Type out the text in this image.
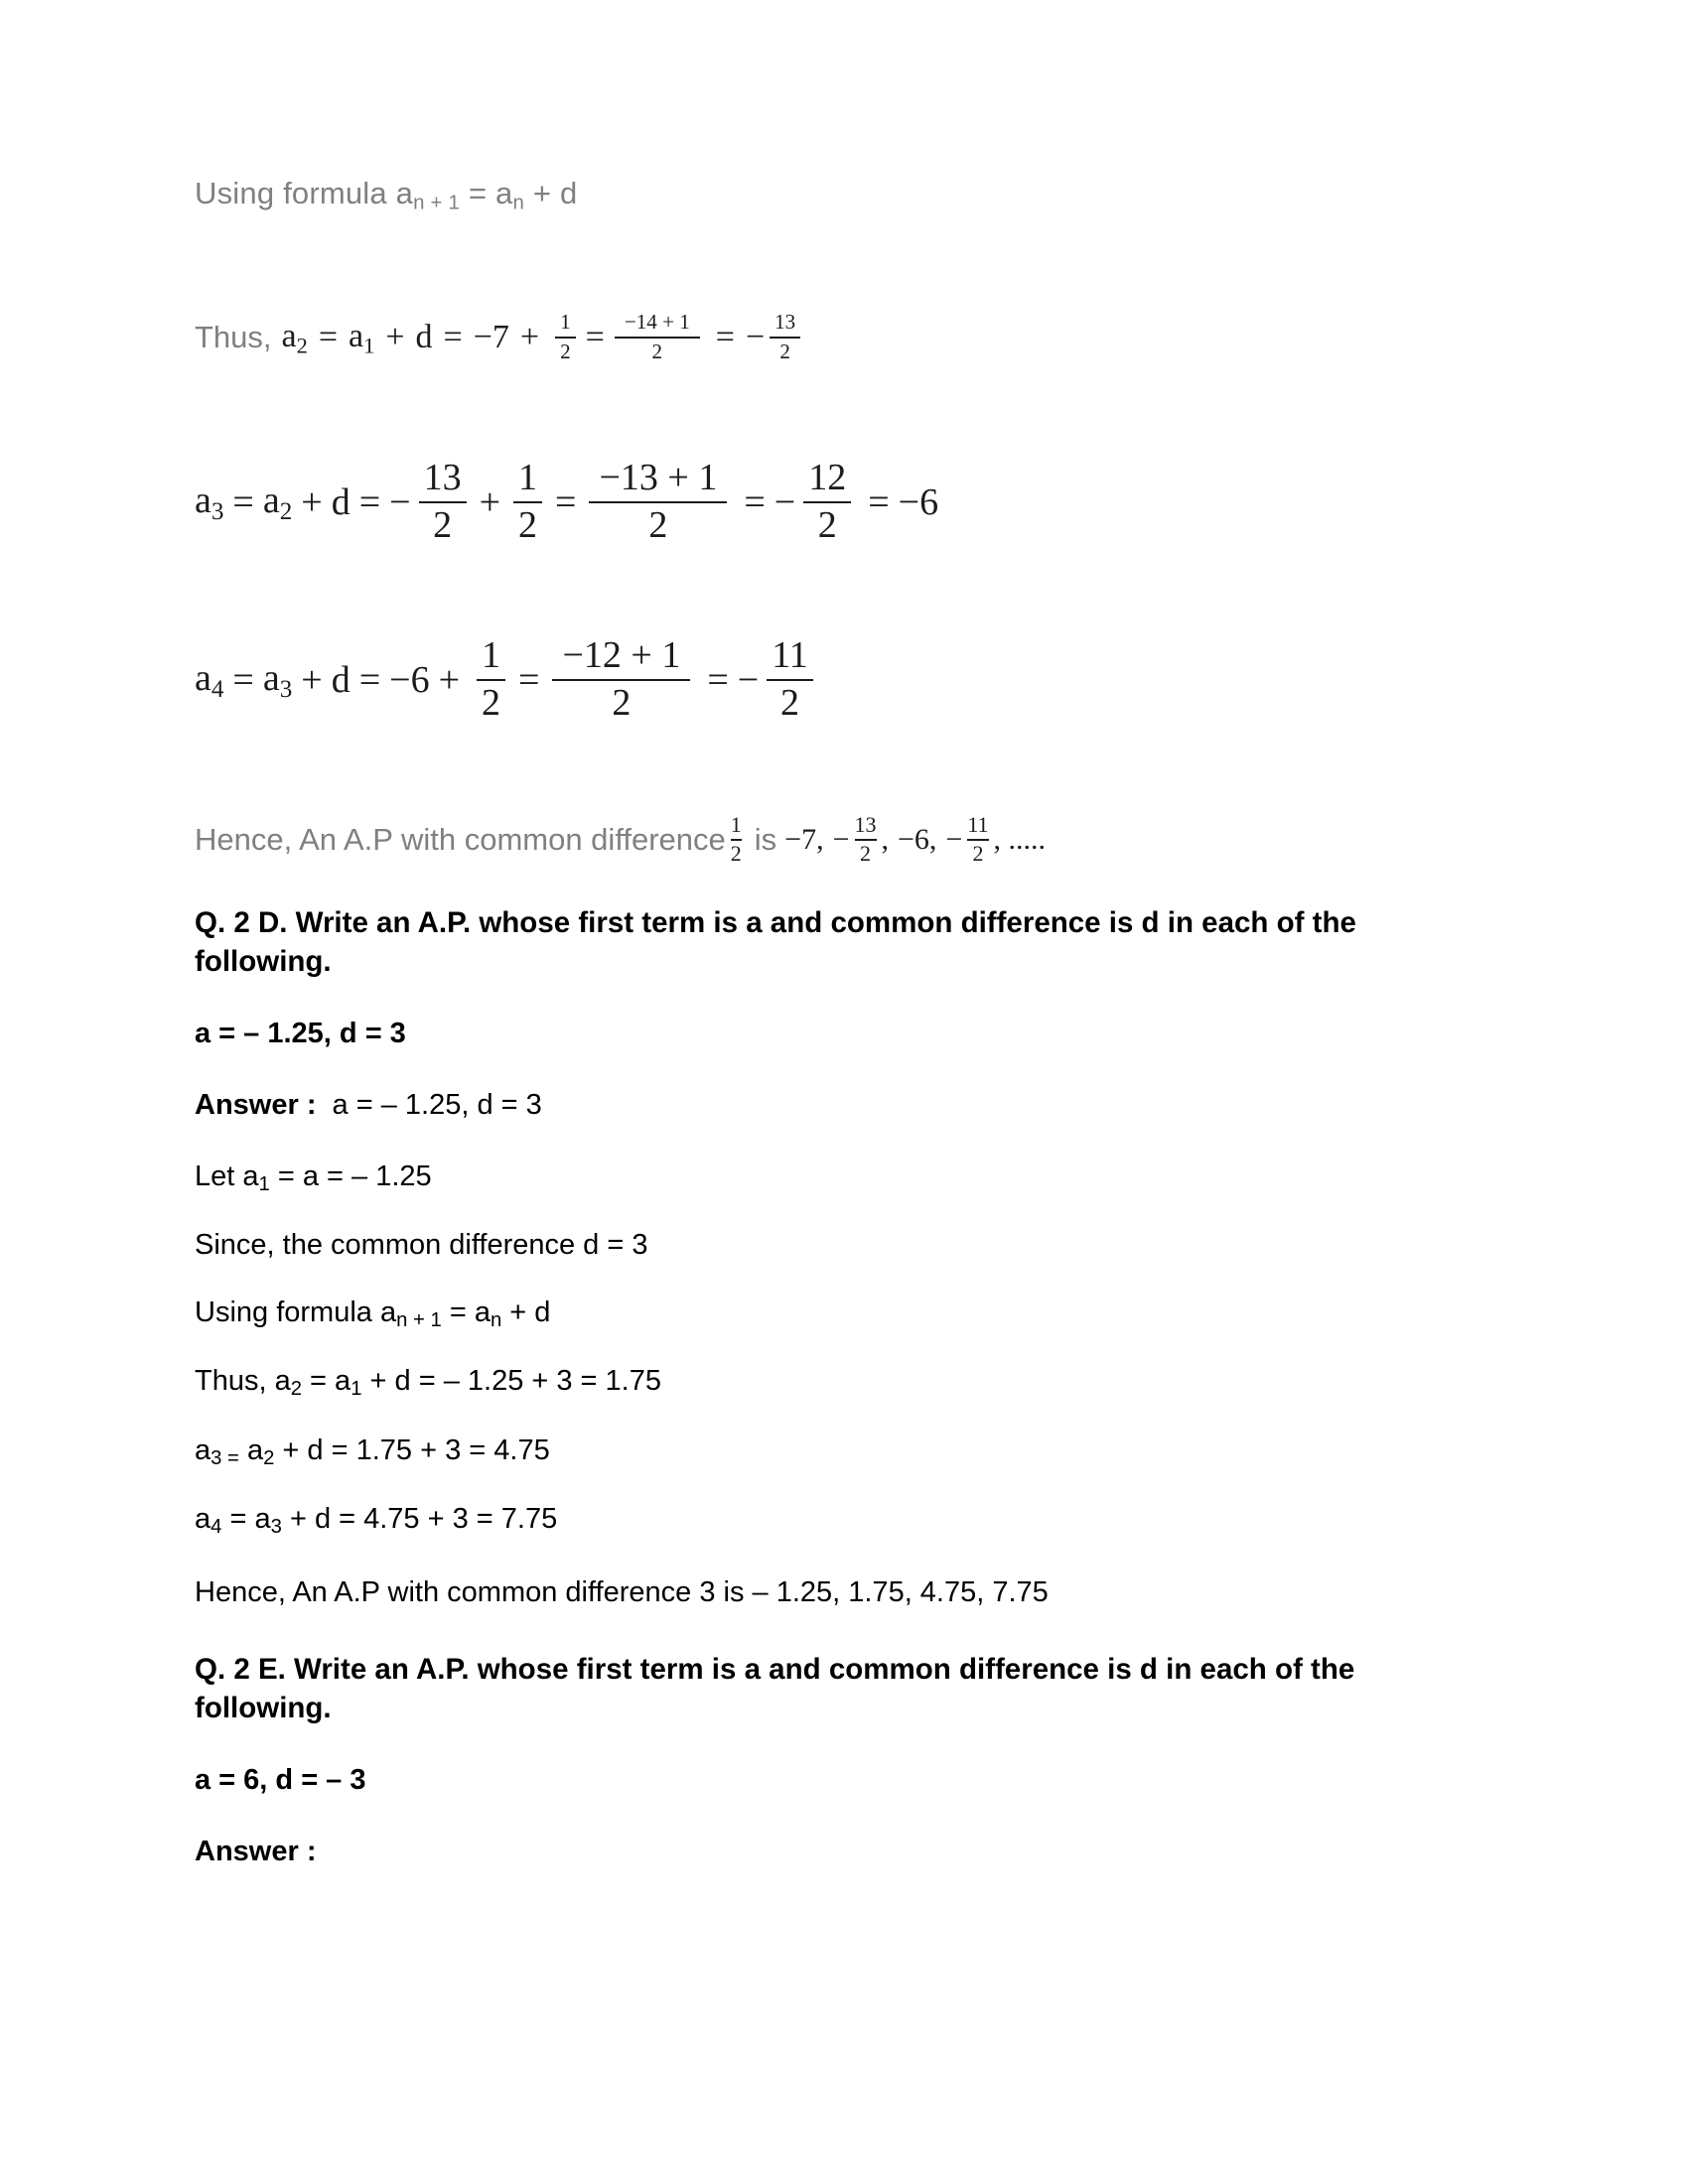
Using formula $a_{n + 1} = a_n + d$
Thus, $a_2 = a_1 + d = -7 + \frac{1}{2} = \frac{-14 + 1}{2}$ = − $\frac{13}{2}$
$a_3 = a_2 + d$ = − $\frac{13}{2} + \frac{1}{2} = \frac{-13 + 1}{2}$ = − $\frac{12}{2} = -6$
$a_4 = a_3 + d = -6 + \frac{1}{2} = \frac{-12 + 1}{2}$ = − $\frac{11}{2}$
Hence, An A.P with common difference $\frac{1}{2}$ is −7, − $\frac{13}{2}$ , −6, − $\frac{11}{2}$ , .....
Q. 2 D. Write an A.P. whose first term is a and common difference is d in each of the following.
a = – 1.25, d = 3
Answer : a = – 1.25, d = 3
Let $a_1 = a$ = – 1.25
Since, the common difference d = 3
Using formula $a_{n + 1} = a_n + d$
Thus, $a_2 = a_1 + d$ = – 1.25 + 3 = 1.75
$a_{3 =}$ $a_2 + d = 1.75 + 3 = 4.75$
$a_4 = a_3 + d = 4.75 + 3 = 7.75$
Hence, An A.P with common difference 3 is – 1.25, 1.75, 4.75, 7.75
Q. 2 E. Write an A.P. whose first term is a and common difference is d in each of the following.
a = 6, d = – 3
Answer :
